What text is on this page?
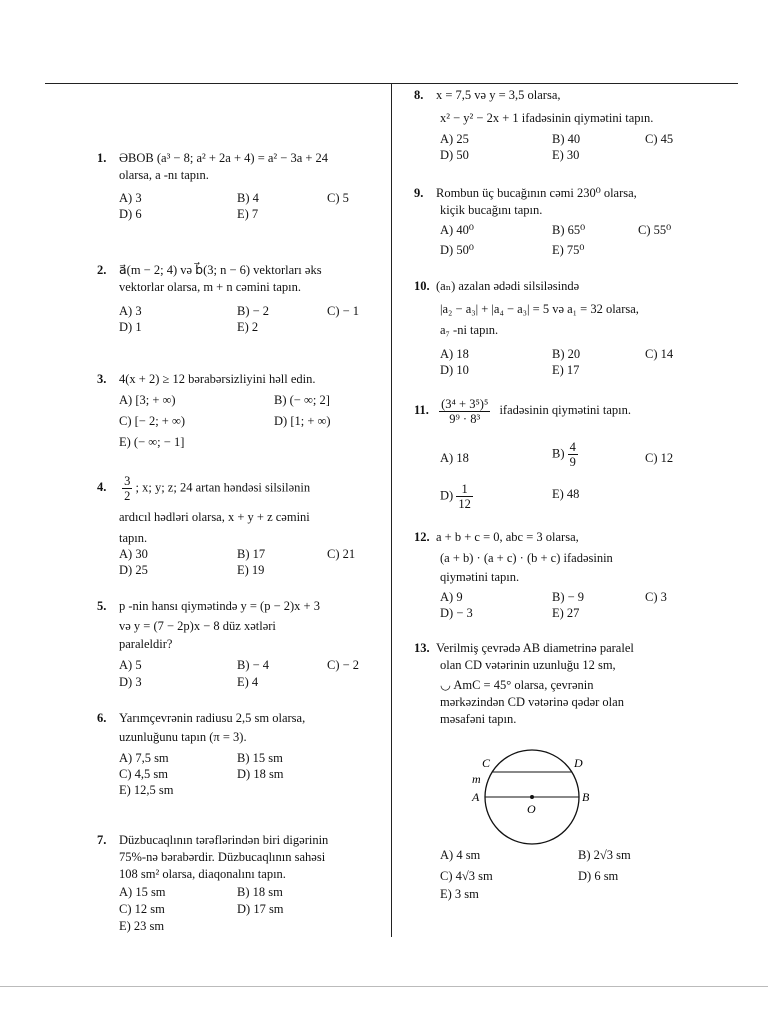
1. ƏBOB (a³ − 8; a² + 2a + 4) = a² − 3a + 24
olarsa, a -nı tapın.
A) 3	B) 4	C) 5
D) 6	E) 7
2. a⃗(m − 2; 4) və b⃗(3; n − 6) vektorları əks
vektorlar olarsa, m + n cəmini tapın.
A) 3	B) − 2	C) − 1
D) 1	E) 2
3. 4(x + 2) ≥ 12 bərabərsizliyini həll edin.
A) [3; + ∞)	B) (− ∞; 2]
C) [− 2; + ∞)	D) [1; + ∞)
E) (− ∞; − 1]
4. $\frac{3}{2}$ ; x; y; z; 24 artan həndəsi silsilənin
ardıcıl hədləri olarsa, x + y + z cəmini
tapın.
A) 30	B) 17	C) 21
D) 25	E) 19
5. p -nin hansı qiymətində y = (p − 2)x + 3
və y = (7 − 2p)x − 8 düz xətləri
paraleldir?
A) 5	B) − 4	C) − 2
D) 3	E) 4
6. Yarımçevrənin radiusu 2,5 sm olarsa,
uzunluğunu tapın (π = 3).
A) 7,5 sm	B) 15 sm
C) 4,5 sm	D) 18 sm
E) 12,5 sm
7. Düzbucaqlının tərəflərindən biri digərinin
75%-nə bərabərdir. Düzbucaqlının sahəsi
108 sm² olarsa, diaqonalını tapın.
A) 15 sm	B) 18 sm
C) 12 sm	D) 17 sm
E) 23 sm
8. x = 7,5 və y = 3,5 olarsa,
x² − y² − 2x + 1 ifadəsinin qiymətini tapın.
A) 25	B) 40	C) 45
D) 50	E) 30
9. Rombun üç bucağının cəmi 230⁰ olarsa,
kiçik bucağını tapın.
A) 40⁰	B) 65⁰	C) 55⁰
D) 50⁰	E) 75⁰
10. (aₙ) azalan ədədi silsiləsində
|a₂ − a₃| + |a₄ − a₃| = 5 və a₁ = 32 olarsa,
a₇ -ni tapın.
A) 18	B) 20	C) 14
D) 10	E) 17
11. $\frac{\text{(3⁴ + 3⁵)⁵}}{\text{9⁹ · 8³}}$ ifadəsinin qiymətini tapın.
A) 18	$B) \frac{4}{9}$	C) 12
$D) \frac{1}{12}$	E) 48
12. a + b + c = 0, abc = 3 olarsa,
(a + b) · (a + c) · (b + c) ifadəsinin
qiymətini tapın.
A) 9	B) − 9	C) 3
D) − 3	E) 27
13. Verilmiş çevrədə AB diametrinə paralel
olan CD vətərinin uzunluğu 12 sm,
◡ AmC = 45° olarsa, çevrənin
mərkəzindən CD vətərinə qədər olan
məsafəni tapın.
C	D
m
A	B
O
A) 4 sm	B) 2√3 sm
C) 4√3 sm	D) 6 sm
E) 3 sm
